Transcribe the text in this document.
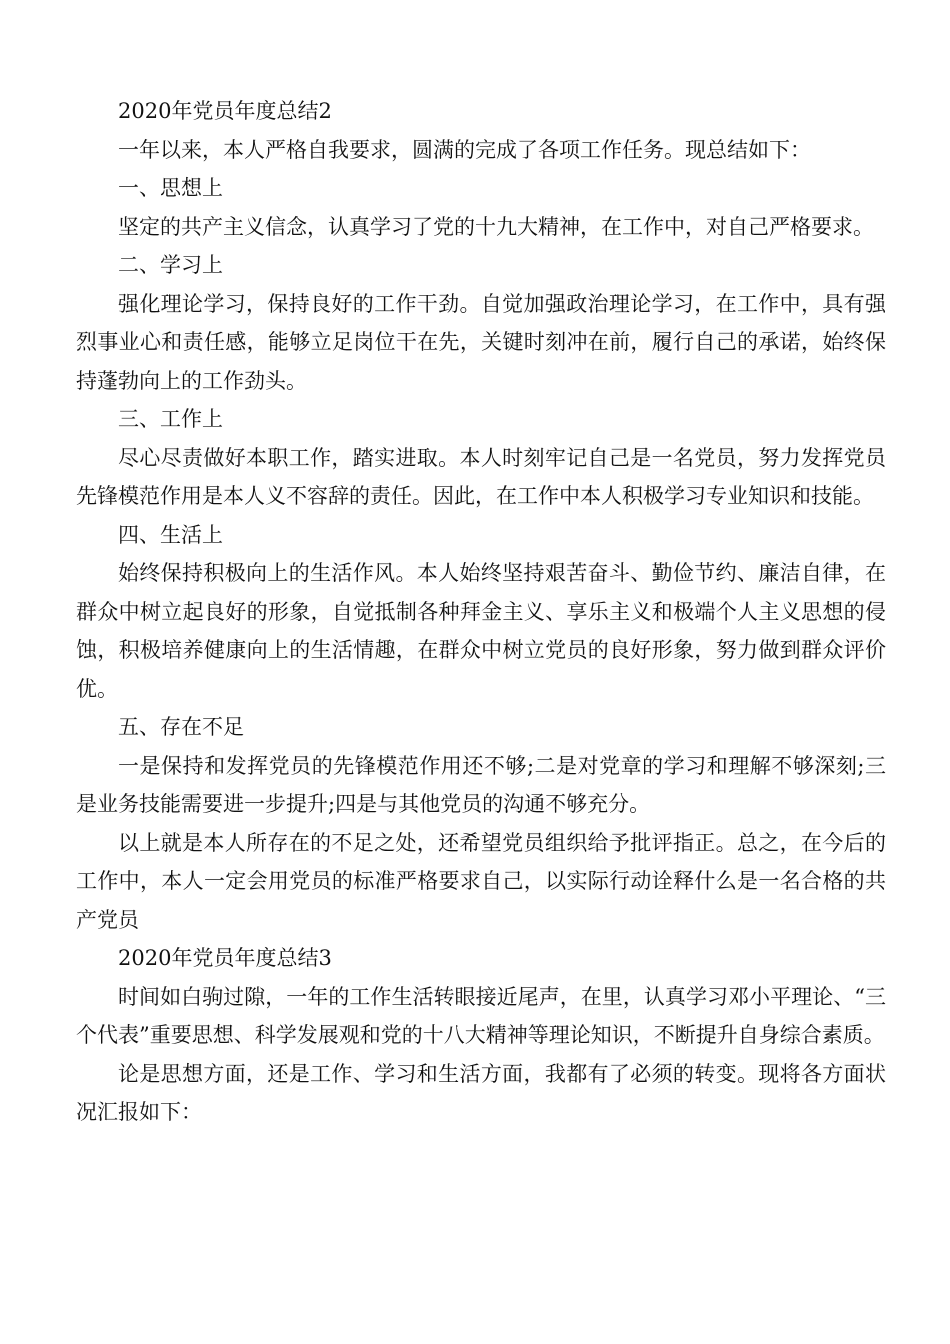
2020年党员年度总结2

一年以来，本人严格自我要求，圆满的完成了各项工作任务。现总结如下：

一、思想上

坚定的共产主义信念，认真学习了党的十九大精神，在工作中，对自己严格要求。

二、学习上

强化理论学习，保持良好的工作干劲。自觉加强政治理论学习，在工作中，具有强烈事业心和责任感，能够立足岗位干在先，关键时刻冲在前，履行自己的承诺，始终保持蓬勃向上的工作劲头。

三、工作上

尽心尽责做好本职工作，踏实进取。本人时刻牢记自己是一名党员，努力发挥党员先锋模范作用是本人义不容辞的责任。因此，在工作中本人积极学习专业知识和技能。

四、生活上

始终保持积极向上的生活作风。本人始终坚持艰苦奋斗、勤俭节约、廉洁自律，在群众中树立起良好的形象，自觉抵制各种拜金主义、享乐主义和极端个人主义思想的侵蚀，积极培养健康向上的生活情趣，在群众中树立党员的良好形象，努力做到群众评价优。

五、存在不足

一是保持和发挥党员的先锋模范作用还不够;二是对党章的学习和理解不够深刻;三是业务技能需要进一步提升;四是与其他党员的沟通不够充分。

以上就是本人所存在的不足之处，还希望党员组织给予批评指正。总之，在今后的工作中，本人一定会用党员的标准严格要求自己，以实际行动诠释什么是一名合格的共产党员

2020年党员年度总结3

时间如白驹过隙，一年的工作生活转眼接近尾声，在里，认真学习邓小平理论、“三个代表”重要思想、科学发展观和党的十八大精神等理论知识，不断提升自身综合素质。

论是思想方面，还是工作、学习和生活方面，我都有了必须的转变。现将各方面状况汇报如下：
